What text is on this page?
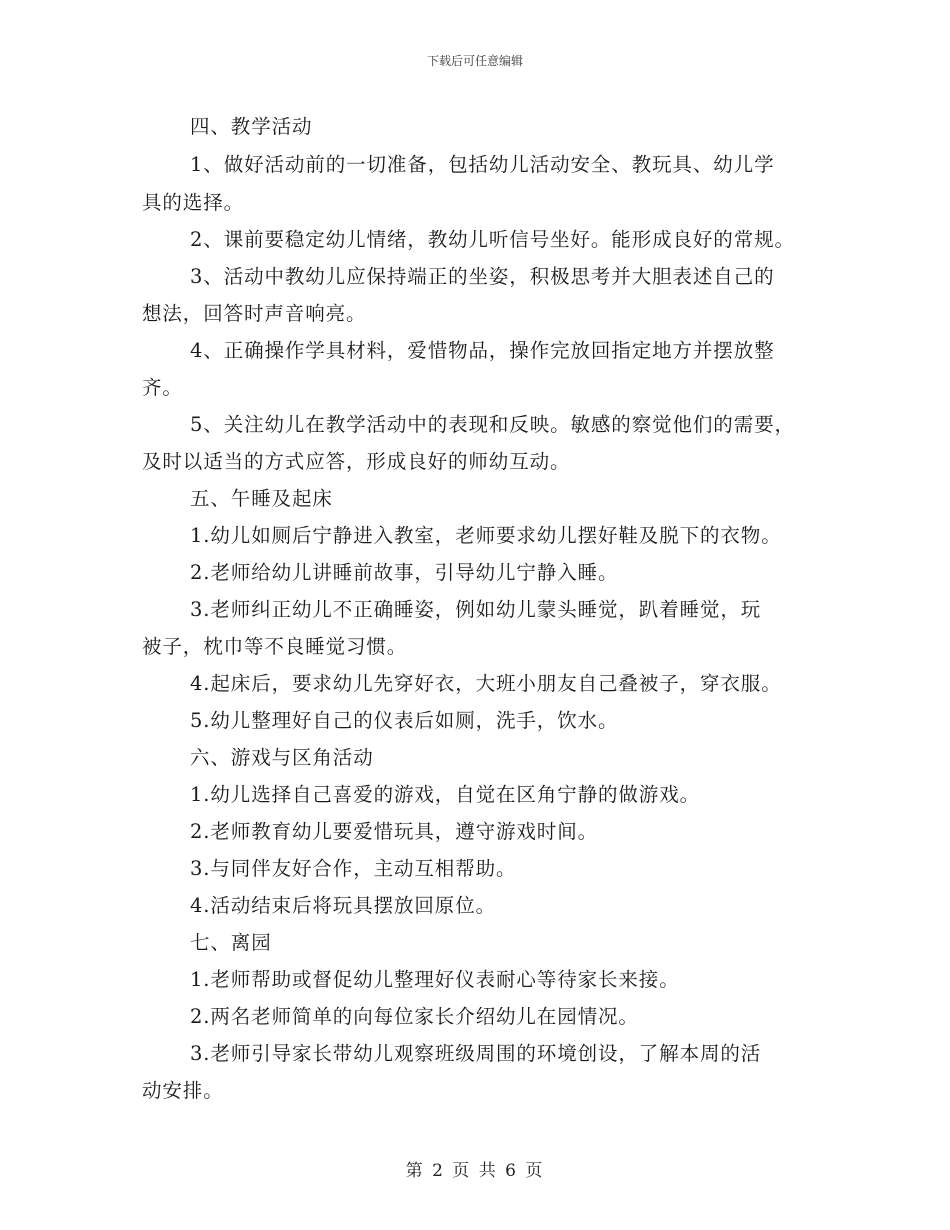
下载后可任意编辑
四、教学活动
1、做好活动前的一切准备，包括幼儿活动安全、教玩具、幼儿学
具的选择。
2、课前要稳定幼儿情绪，教幼儿听信号坐好。能形成良好的常规。
3、活动中教幼儿应保持端正的坐姿，积极思考并大胆表述自己的
想法，回答时声音响亮。
4、正确操作学具材料，爱惜物品，操作完放回指定地方并摆放整
齐。
5、关注幼儿在教学活动中的表现和反映。敏感的察觉他们的需要，
及时以适当的方式应答，形成良好的师幼互动。
五、午睡及起床
1.幼儿如厕后宁静进入教室，老师要求幼儿摆好鞋及脱下的衣物。
2.老师给幼儿讲睡前故事，引导幼儿宁静入睡。
3.老师纠正幼儿不正确睡姿，例如幼儿蒙头睡觉，趴着睡觉，玩
被子，枕巾等不良睡觉习惯。
4.起床后，要求幼儿先穿好衣，大班小朋友自己叠被子，穿衣服。
5.幼儿整理好自己的仪表后如厕，洗手，饮水。
六、游戏与区角活动
1.幼儿选择自己喜爱的游戏，自觉在区角宁静的做游戏。
2.老师教育幼儿要爱惜玩具，遵守游戏时间。
3.与同伴友好合作，主动互相帮助。
4.活动结束后将玩具摆放回原位。
七、离园
1.老师帮助或督促幼儿整理好仪表耐心等待家长来接。
2.两名老师简单的向每位家长介绍幼儿在园情况。
3.老师引导家长带幼儿观察班级周围的环境创设，了解本周的活
动安排。
第 2 页 共 6 页
